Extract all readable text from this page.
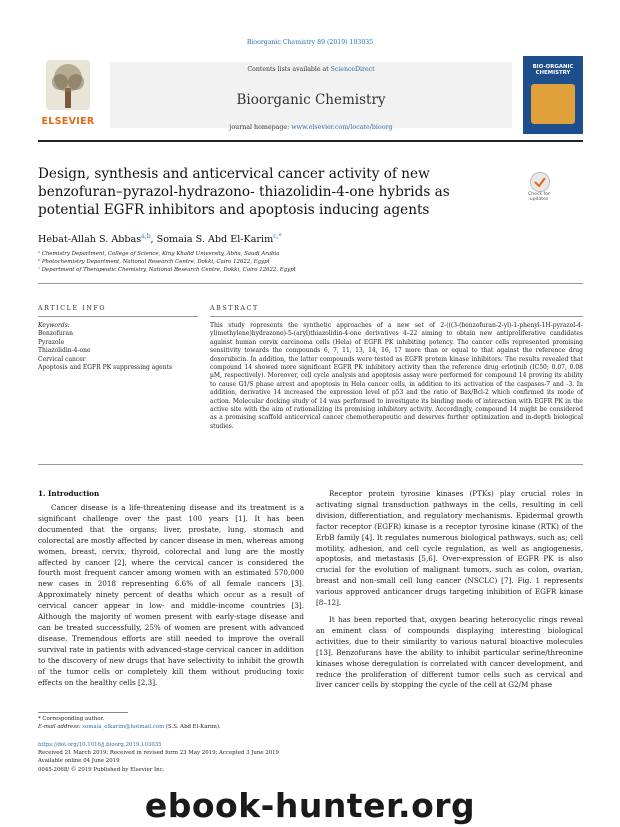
Bioorganic Chemistry 89 (2019) 103035
ELSEVIER
Contents lists available at ScienceDirect
Bioorganic Chemistry
journal homepage: www.elsevier.com/locate/bioorg
BIO-ORGANIC CHEMISTRY
Design, synthesis and anticervical cancer activity of new benzofuran–pyrazol-hydrazono- thiazolidin-4-one hybrids as potential EGFR inhibitors and apoptosis inducing agents
Check for updates
Hebat-Allah S. Abbas$^{a,b}$, Somaia S. Abd El-Karim$^{c,*}$
ᵃ Chemistry Department, College of Science, King Khalid University, Abha, Saudi Arabia
ᵇ Photochemistry Department, National Research Centre, Dokki, Cairo 12622, Egypt
ᶜ Department of Therapeutic Chemistry, National Research Centre, Dokki, Cairo 12622, Egypt
ARTICLE INFO	ABSTRACT
Keywords:
Benzofuran
Pyrazole
Thiazolidin-4-one
Cervical cancer
Apoptosis and EGFR PK suppressing agents
This study represents the synthetic approaches of a new set of 2-(((3-(benzofuran-2-yl)-1-phenyl-1H-pyrazol-4-yl)methylene)hydrazono)-5-(aryl)thiazolidin-4-one derivatives 4–22 aiming to obtain new antiproliferative candidates against human cervix carcinoma cells (Hela) of EGFR PK inhibiting potency. The cancer cells represented promising sensitivity towards the compounds 6, 7, 11, 13, 14, 16, 17 more than or equal to that against the reference drug doxorubicin. In addition, the latter compounds were tested as EGFR protein kinase inhibitors. The results revealed that compound 14 showed more significant EGFR PK inhibitory activity than the reference drug erlotinib (IC50; 0.07, 0.08 µM, respectively). Moreover, cell cycle analysis and apoptosis assay were performed for compound 14 proving its ability to cause G1/S phase arrest and apoptosis in Hela cancer cells, in addition to its activation of the caspases-7 and -3. In addition, derivative 14 increased the expression level of p53 and the ratio of Bax/Bcl-2 which confirmed its mode of action. Molecular docking study of 14 was performed to investigate its binding mode of interaction with EGFR PK in the active site with the aim of rationalizing its promising inhibitory activity. Accordingly, compound 14 might be considered as a promising scaffold anticervical cancer chemotherapeutic and deserves further optimization and in-depth biological studies.
1. Introduction

Cancer disease is a life-threatening disease and its treatment is a significant challenge over the past 100 years [1]. It has been documented that the organs; liver, prostate, lung, stomach and colorectal are mostly affected by cancer disease in men, whereas among women, breast, cervix, thyroid, colorectal and lung are the mostly affected by cancer [2], where the cervical cancer is considered the fourth most frequent cancer among women with an estimated 570,000 new cases in 2018 representing 6.6% of all female cancers [3]. Approximately ninety percent of deaths which occur as a result of cervical cancer appear in low- and middle-income countries [3]. Although the majority of women present with early-stage disease and can be treated successfully, 25% of women are present with advanced disease. Tremendous efforts are still needed to improve the overall survival rate in patients with advanced-stage cervical cancer in addition to the discovery of new drugs that have selectivity to inhibit the growth of the tumor cells or completely kill them without producing toxic effects on the healthy cells [2,3].

Receptor protein tyrosine kinases (PTKs) play crucial roles in activating signal transduction pathways in the cells, resulting in cell division, differentiation, and regulatory mechanisms. Epidermal growth factor receptor (EGFR) kinase is a receptor tyrosine kinase (RTK) of the ErbB family [4]. It regulates numerous biological pathways, such as; cell motility, adhesion, and cell cycle regulation, as well as angiogenesis, apoptosis, and metastasis [5,6]. Over-expression of EGFR PK is also crucial for the evolution of malignant tumors, such as colon, ovarian, breast and non-small cell lung cancer (NSCLC) [7]. Fig. 1 represents various approved anticancer drugs targeting inhibition of EGFR kinase [8–12].

It has been reported that, oxygen bearing heterocyclic rings reveal an eminent class of compounds displaying interesting biological activities, due to their similarity to various natural bioactive molecules [13]. Benzofurans have the ability to inhibit particular serine/threonine kinases whose deregulation is correlated with cancer development, and reduce the proliferation of different tumor cells such as cervical and liver cancer cells by stopping the cycle of the cell at G2/M phase

* Corresponding author.
E-mail address: somaia_elkarim@hotmail.com (S.S. Abd El-Karim).
https://doi.org/10.1016/j.bioorg.2019.103035
Received 21 March 2019; Received in revised form 23 May 2019; Accepted 3 June 2019
Available online 04 June 2019
0045-2068/ © 2019 Published by Elsevier Inc.
ebook-hunter.org
